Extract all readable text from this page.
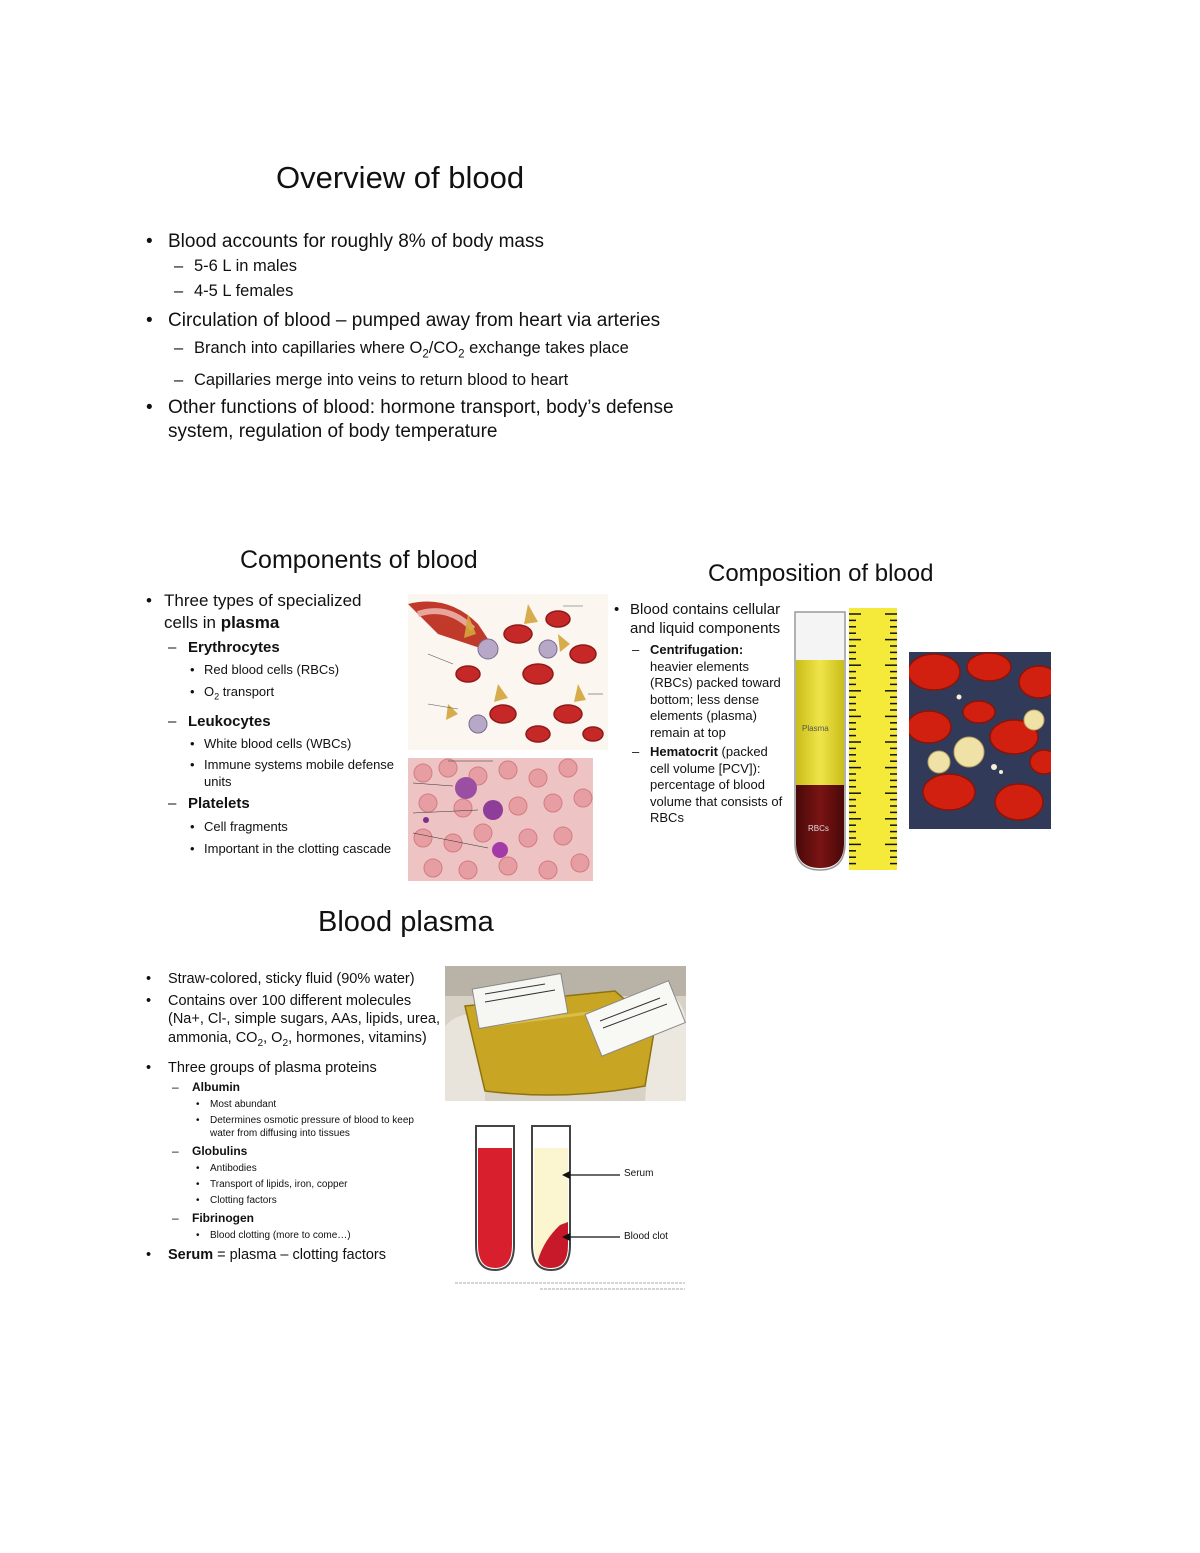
Overview of blood
• Blood accounts for roughly 8% of body mass
– 5-6 L in males
– 4-5 L females
• Circulation of blood – pumped away from heart via arteries
– Branch into capillaries where $O_2/CO_2$ exchange takes place
– Capillaries merge into veins to return blood to heart
• Other functions of blood: hormone transport, body’s defense system, regulation of body temperature
Components of blood
• Three types of specialized cells in plasma
– Erythrocytes
• Red blood cells (RBCs)
• $O_2$ transport
– Leukocytes
• White blood cells (WBCs)
• Immune systems mobile defense units
– Platelets
• Cell fragments
• Important in the clotting cascade
Composition of blood
• Blood contains cellular and liquid components
– Centrifugation: heavier elements (RBCs) packed toward bottom; less dense elements (plasma) remain at top
– Hematocrit (packed cell volume [PCV]): percentage of blood volume that consists of RBCs
Plasma
RBCs
Blood plasma
• Straw-colored, sticky fluid (90% water)
• Contains over 100 different molecules
(Na+, Cl-, simple sugars, AAs, lipids, urea,
ammonia, $CO_2$, $O_2$, hormones, vitamins)
• Three groups of plasma proteins
– Albumin
• Most abundant
• Determines osmotic pressure of blood to keep water from diffusing into tissues
– Globulins
• Antibodies
• Transport of lipids, iron, copper
• Clotting factors
– Fibrinogen
• Blood clotting (more to come…)
• Serum = plasma – clotting factors
Serum
Blood clot
